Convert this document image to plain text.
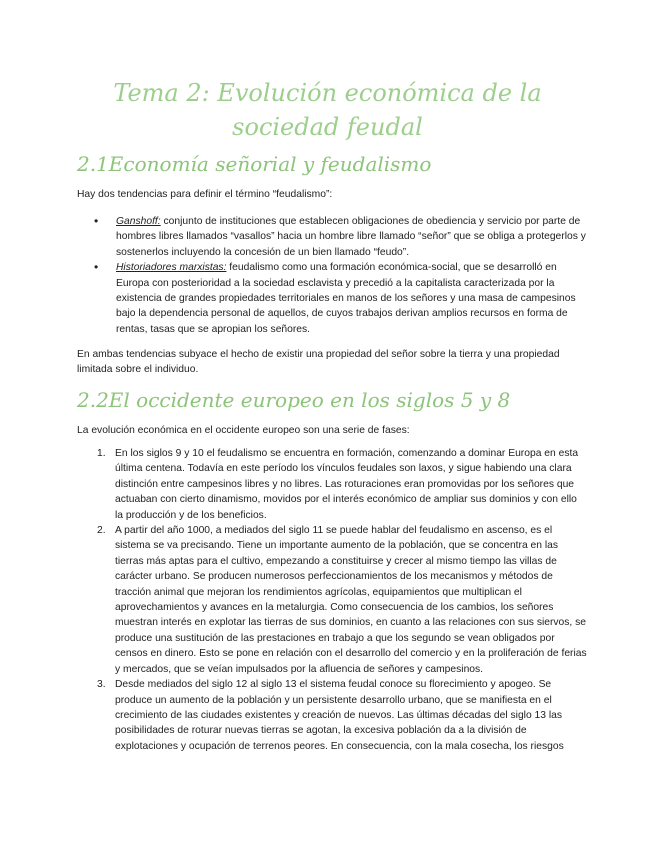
Tema 2: Evolución económica de la sociedad feudal
2.1Economía señorial y feudalismo

Hay dos tendencias para definir el término “feudalismo”:

• Ganshoff: conjunto de instituciones que establecen obligaciones de obediencia y servicio por parte de hombres libres llamados “vasallos” hacia un hombre libre llamado “señor” que se obliga a protegerlos y sostenerlos incluyendo la concesión de un bien llamado “feudo”.
• Historiadores marxistas: feudalismo como una formación económica-social, que se desarrolló en Europa con posterioridad a la sociedad esclavista y precedió a la capitalista caracterizada por la existencia de grandes propiedades territoriales en manos de los señores y una masa de campesinos bajo la dependencia personal de aquellos, de cuyos trabajos derivan amplios recursos en forma de rentas, tasas que se apropian los señores.

En ambas tendencias subyace el hecho de existir una propiedad del señor sobre la tierra y una propiedad limitada sobre el individuo.

2.2El occidente europeo en los siglos 5 y 8

La evolución económica en el occidente europeo son una serie de fases:

1. En los siglos 9 y 10 el feudalismo se encuentra en formación, comenzando a dominar Europa en esta última centena. Todavía en este período los vínculos feudales son laxos, y sigue habiendo una clara distinción entre campesinos libres y no libres. Las roturaciones eran promovidas por los señores que actuaban con cierto dinamismo, movidos por el interés económico de ampliar sus dominios y con ello la producción y de los beneficios.
2. A partir del año 1000, a mediados del siglo 11 se puede hablar del feudalismo en ascenso, es el sistema se va precisando. Tiene un importante aumento de la población, que se concentra en las tierras más aptas para el cultivo, empezando a constituirse y crecer al mismo tiempo las villas de carácter urbano. Se producen numerosos perfeccionamientos de los mecanismos y métodos de tracción animal que mejoran los rendimientos agrícolas, equipamientos que multiplican el aprovechamientos y avances en la metalurgia. Como consecuencia de los cambios, los señores muestran interés en explotar las tierras de sus dominios, en cuanto a las relaciones con sus siervos, se produce una sustitución de las prestaciones en trabajo a que los segundo se vean obligados por censos en dinero. Esto se pone en relación con el desarrollo del comercio y en la proliferación de ferias y mercados, que se veían impulsados por la afluencia de señores y campesinos.
3. Desde mediados del siglo 12 al siglo 13 el sistema feudal conoce su florecimiento y apogeo. Se produce un aumento de la población y un persistente desarrollo urbano, que se manifiesta en el crecimiento de las ciudades existentes y creación de nuevos. Las últimas décadas del siglo 13 las posibilidades de roturar nuevas tierras se agotan, la excesiva población da a la división de explotaciones y ocupación de terrenos peores. En consecuencia, con la mala cosecha, los riesgos
